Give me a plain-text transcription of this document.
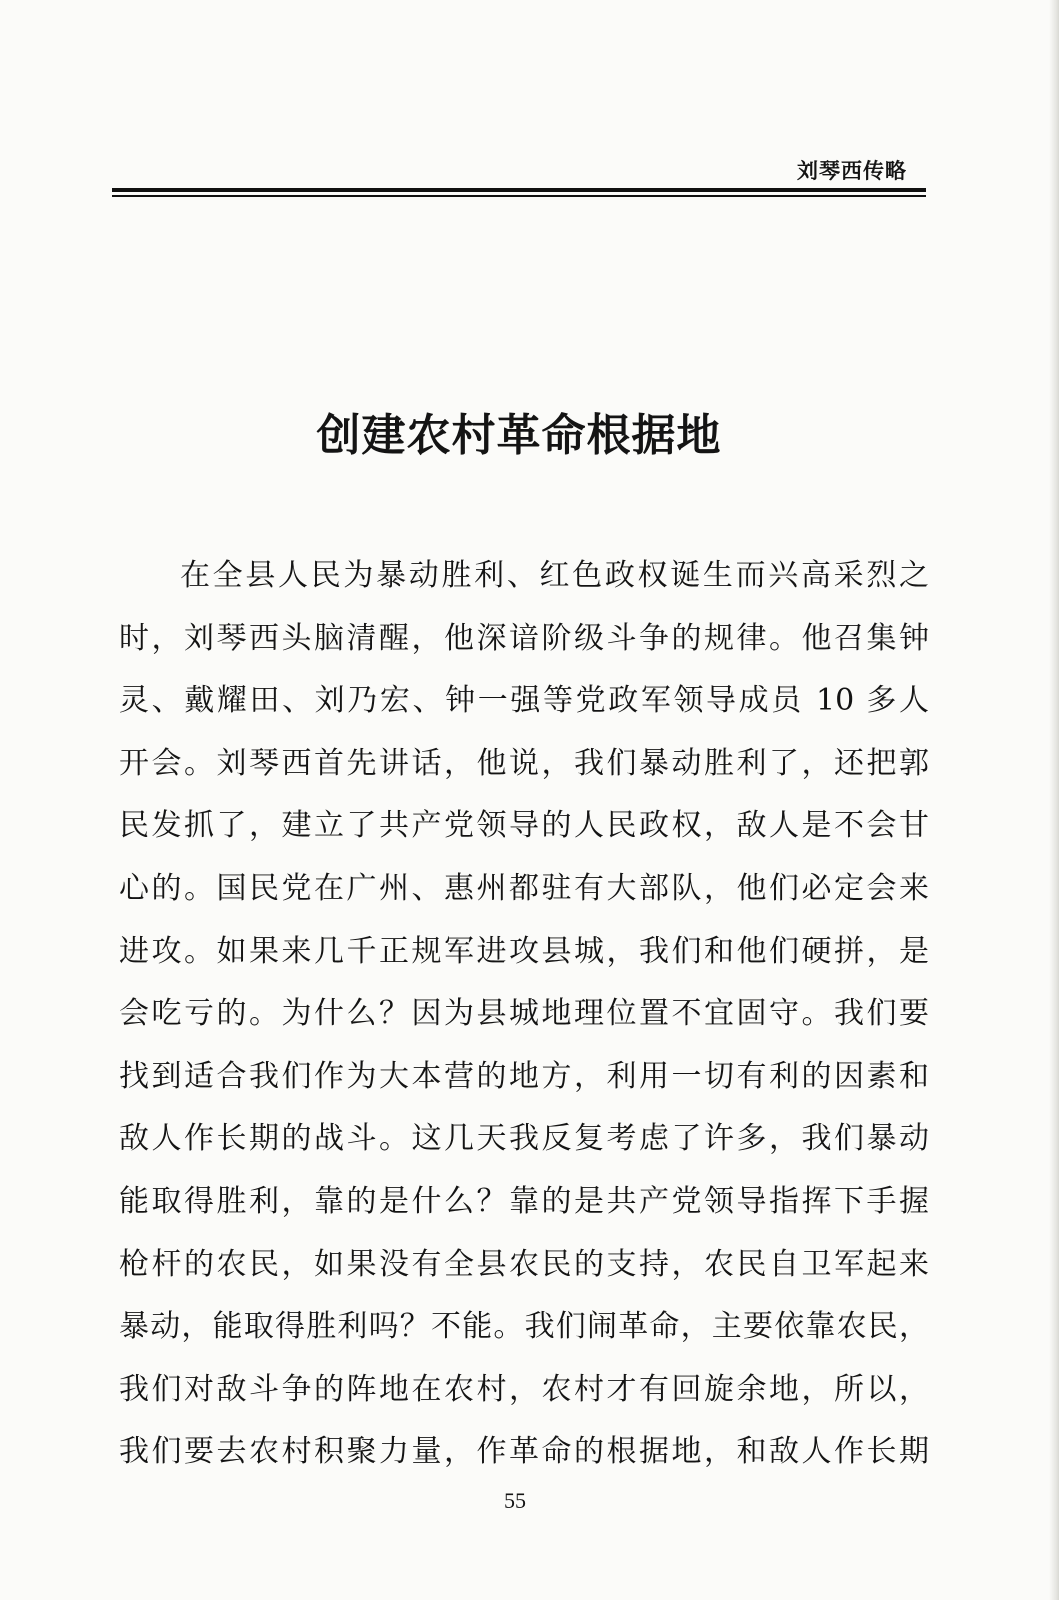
刘琴西传略
创建农村革命根据地
在全县人民为暴动胜利、红色政权诞生而兴高采烈之
时，刘琴西头脑清醒，他深谙阶级斗争的规律。他召集钟
灵、戴耀田、刘乃宏、钟一强等党政军领导成员 10 多人
开会。刘琴西首先讲话，他说，我们暴动胜利了，还把郭
民发抓了，建立了共产党领导的人民政权，敌人是不会甘
心的。国民党在广州、惠州都驻有大部队，他们必定会来
进攻。如果来几千正规军进攻县城，我们和他们硬拼，是
会吃亏的。为什么？因为县城地理位置不宜固守。我们要
找到适合我们作为大本营的地方，利用一切有利的因素和
敌人作长期的战斗。这几天我反复考虑了许多，我们暴动
能取得胜利，靠的是什么？靠的是共产党领导指挥下手握
枪杆的农民，如果没有全县农民的支持，农民自卫军起来
暴动，能取得胜利吗？不能。我们闹革命，主要依靠农民，
我们对敌斗争的阵地在农村，农村才有回旋余地，所以，
我们要去农村积聚力量，作革命的根据地，和敌人作长期
55
